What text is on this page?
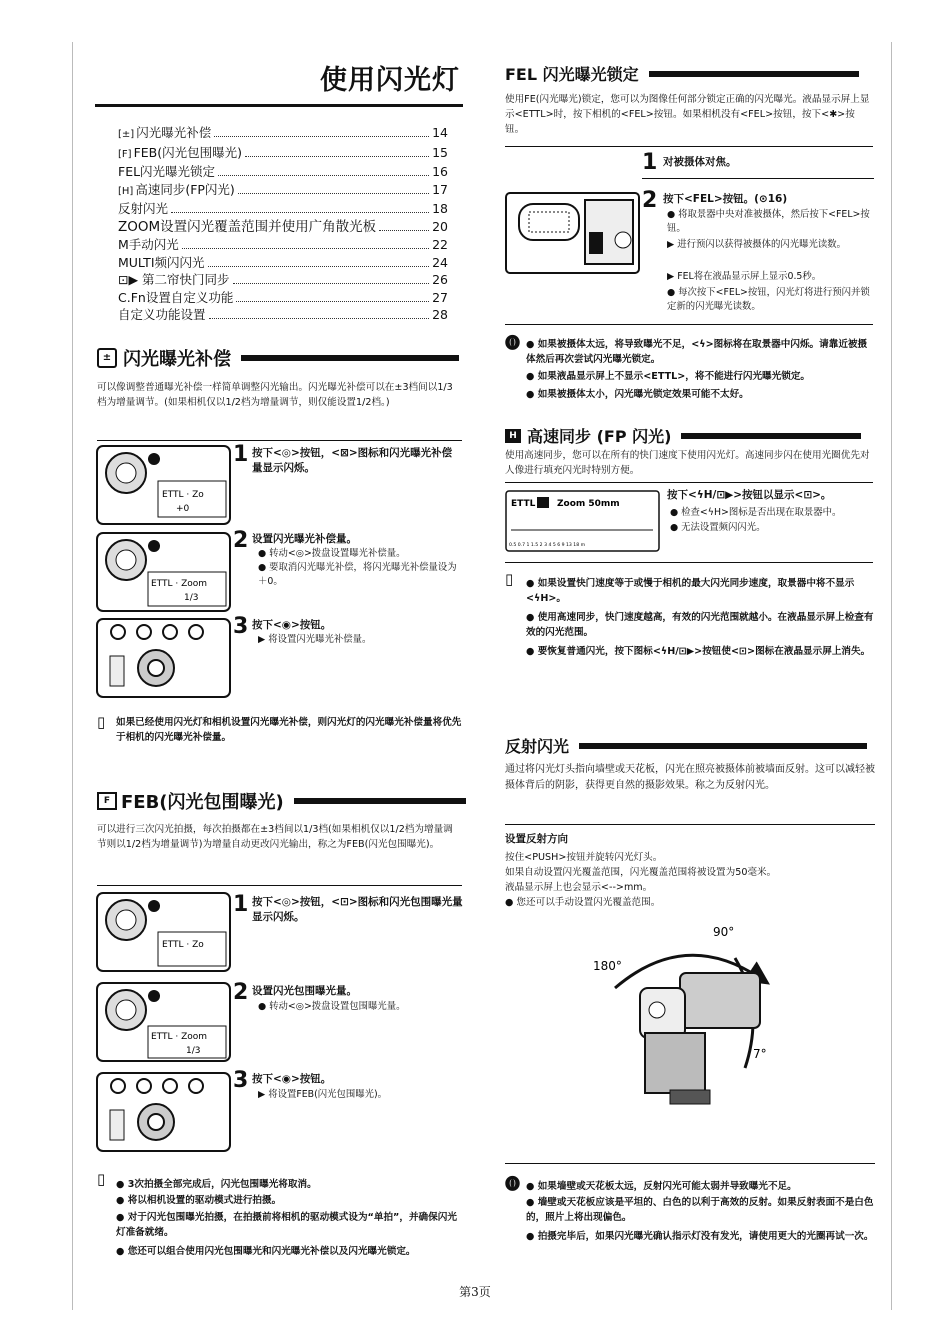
使用闪光灯
[±] 闪光曝光补偿	14
[F] FEB(闪光包围曝光)	15
FEL闪光曝光锁定	16
[H] 高速同步(FP闪光)	17
反射闪光	18
ZOOM设置闪光覆盖范围并使用广角散光板	20
M手动闪光	22
MULTI频闪闪光	24
⊡▶ 第二帘快门同步	26
C.Fn设置自定义功能	27
自定义功能设置	28
± 闪光曝光补偿
可以像调整普通曝光补偿一样简单调整闪光输出。闪光曝光补偿可以在±3档间以1/3档为增量调节。(如果相机仅以1/2档为增量调节，则仅能设置1/2档。)
ETTL · Zo
+0
1 按下<◎>按钮，<⊠>图标和闪光曝光补偿量显示闪烁。
ETTL · Zoom
1/3
2 设置闪光曝光补偿量。
● 转动<◎>拨盘设置曝光补偿量。
● 要取消闪光曝光补偿，将闪光曝光补偿量设为＋0。
3 按下<◉>按钮。
▶ 将设置闪光曝光补偿量。
▯ 如果已经使用闪光灯和相机设置闪光曝光补偿，则闪光灯的闪光曝光补偿量将优先于相机的闪光曝光补偿量。
F FEB(闪光包围曝光)
可以进行三次闪光拍摄，每次拍摄都在±3档间以1/3档(如果相机仅以1/2档为增量调节则以1/2档为增量调节)为增量自动更改闪光输出，称之为FEB(闪光包围曝光)。
ETTL · Zo
1 按下<◎>按钮，<⊡>图标和闪光包围曝光量显示闪烁。
ETTL · Zoom
1/3
2 设置闪光包围曝光量。
● 转动<◎>拨盘设置包围曝光量。
3 按下<◉>按钮。
▶ 将设置FEB(闪光包围曝光)。
▯ ● 3次拍摄全部完成后，闪光包围曝光将取消。
● 将以相机设置的驱动模式进行拍摄。
● 对于闪光包围曝光拍摄，在拍摄前将相机的驱动模式设为“单拍”，并确保闪光灯准备就绪。
● 您还可以组合使用闪光包围曝光和闪光曝光补偿以及闪光曝光锁定。
FEL 闪光曝光锁定
使用FE(闪光曝光)锁定，您可以为图像任何部分锁定正确的闪光曝光。液晶显示屏上显示<ETTL>时，按下相机的<FEL>按钮。如果相机没有<FEL>按钮，按下<✱>按钮。
1 对被摄体对焦。
2 按下<FEL>按钮。(⊙16)
● 将取景器中央对准被摄体，然后按下<FEL>按钮。
▶ 进行预闪以获得被摄体的闪光曝光读数。
▶ FEL将在液晶显示屏上显示0.5秒。
● 每次按下<FEL>按钮，闪光灯将进行预闪并锁定新的闪光曝光读数。
⓿ ● 如果被摄体太远，将导致曝光不足，<ϟ>图标将在取景器中闪烁。请靠近被摄体然后再次尝试闪光曝光锁定。
● 如果液晶显示屏上不显示<ETTL>，将不能进行闪光曝光锁定。
● 如果被摄体太小，闪光曝光锁定效果可能不太好。
H 高速同步 (FP 闪光)
使用高速同步，您可以在所有的快门速度下使用闪光灯。高速同步闪在使用光圈优先对人像进行填充闪光时特别方便。
ETTL Zoom 50mm
0.5 0.7 1 1.5 2 3 4 5 6 9 13 18 m
按下<ϟH/⊡▶>按钮以显示<⊡>。
● 检查<ϟH>图标是否出现在取景器中。
● 无法设置频闪闪光。
▯ ● 如果设置快门速度等于或慢于相机的最大闪光同步速度，取景器中将不显示<ϟH>。
● 使用高速同步，快门速度越高，有效的闪光范围就越小。在液晶显示屏上检查有效的闪光范围。
● 要恢复普通闪光，按下图标<ϟH/⊡▶>按钮使<⊡>图标在液晶显示屏上消失。
反射闪光
通过将闪光灯头指向墙壁或天花板，闪光在照亮被摄体前被墙面反射。这可以减轻被摄体背后的阴影，获得更自然的摄影效果。称之为反射闪光。
设置反射方向
按住<PUSH>按钮并旋转闪光灯头。
如果自动设置闪光覆盖范围，闪光覆盖范围将被设置为50毫米。
液晶显示屏上也会显示<-->mm。
● 您还可以手动设置闪光覆盖范围。
90°
180°
7°
⓿ ● 如果墙壁或天花板太远，反射闪光可能太弱并导致曝光不足。
● 墙壁或天花板应该是平坦的、白色的以利于高效的反射。如果反射表面不是白色的，照片上将出现偏色。
● 拍摄完毕后，如果闪光曝光确认指示灯没有发光，请使用更大的光圈再试一次。
第3页
